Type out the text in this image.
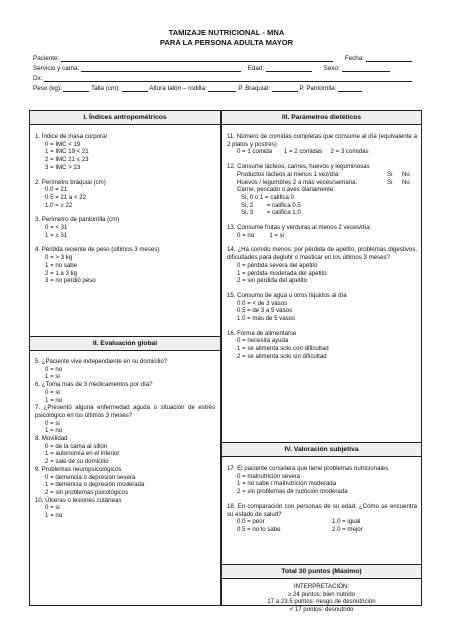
TAMIZAJE NUTRICIONAL - MNA
PARA LA PERSONA ADULTA MAYOR
Paciente:	Fecha:
Servicio y cama:	Edad:	Sexo:
Dx:
Peso (kg):	Talla (cm):	Altura talón – rodilla:	P. Braquial:	P. Pantorrilla:
I. Índices antropométricos
II. Evaluación global
III. Parámetros dietéticos
IV. Valoración subjetiva
Total 30 puntos (Máximo)
1. Índice de masa corporal
0 = IMC < 19
1 = IMC 19 < 21
2 = IMC 21 ≤ 23
3 = IMC > 23
2. Perímetro braquial (cm)
0.0 = 21
0.5 = 21 a < 22
1.0 = ≥ 22
3. Perímetro de pantorrilla (cm)
0 = < 31
1 = ≥ 31
4. Pérdida reciente de peso (últimos 3 meses)
0 = > 3 kg
1 = no sabe
2 = 1 a 3 kg
3 = no perdió peso
5. ¿Paciente vive independiente en su domicilio?
0 = no
1 = si
6. ¿Toma más de 3 medicamentos por día?
0 = si
1 = no
7. ¿Presentó alguna enfermedad aguda o situación de estrés psicológico en los últimos 3 meses?
0 = si
1 = no
8. Movilidad
0 = de la cama al sillón
1 = autonomía en el interior
2 = sale de su domicilio
9. Problemas neuropsicológicos
0 = demencia o depresión severa
1 = demencia o depresión moderada
2 = sin problemas psicológicos
10. Úlceras o lesiones cutáneas
0 = si
1 = no
11. Número de comidas completas que consume al día (equivalente a 2 platos y postres)
0 = 1 comida       1 = 2 comidas     2 = 3 comidas
12. Consume lácteos, carnes, huevos y leguminosas
Productos lácteos al menos 1 vez/día:	Si	No
Huevos / legumbres 2 a más veces/semana:	Si	No
Carne, pescado o aves diariamente:
Si, 0 o 1 = califica 0
Si, 2        = califica 0.5
Si, 3        = califica 1.0
13. Consume frutas y verduras al menos 2 veces/día:
0 = no         1 = si
14. ¿Ha comido menos: por pérdida de apetito, problemas digestivos, dificultades para deglutir o masticar en los últimos 3 meses?
0 = pérdida severa del apetito
1 = pérdida moderada del apetito
2 = sin pérdida del apetito
15. Consumo de agua u otros líquidos al día
0.0 = < de 3 vasos
0.5 = de 3 a 5 vasos
1.0 = más de 5 vasos
16. Forma de alimentarse
0 = necesita ayuda
1 = se alimenta solo con dificultad
2 = se alimenta solo sin dificultad
17. El paciente considera que tiene problemas nutricionales
0 = malnutrición severa
1 = no sabe / malnutrición moderada
2 = sin problemas de nutrición moderada
18. En comparación con personas de su edad, ¿Cómo se encuentra su estado de salud?
0.0 = peor	1.0 = igual
0.5 = no lo sabe	2.0 = mejor
INTERPRETACIÓN:
≥ 24 puntos: bien nutrido
17 a 23.5 puntos: riesgo de desnutrición
< 17 puntos: desnutrido
